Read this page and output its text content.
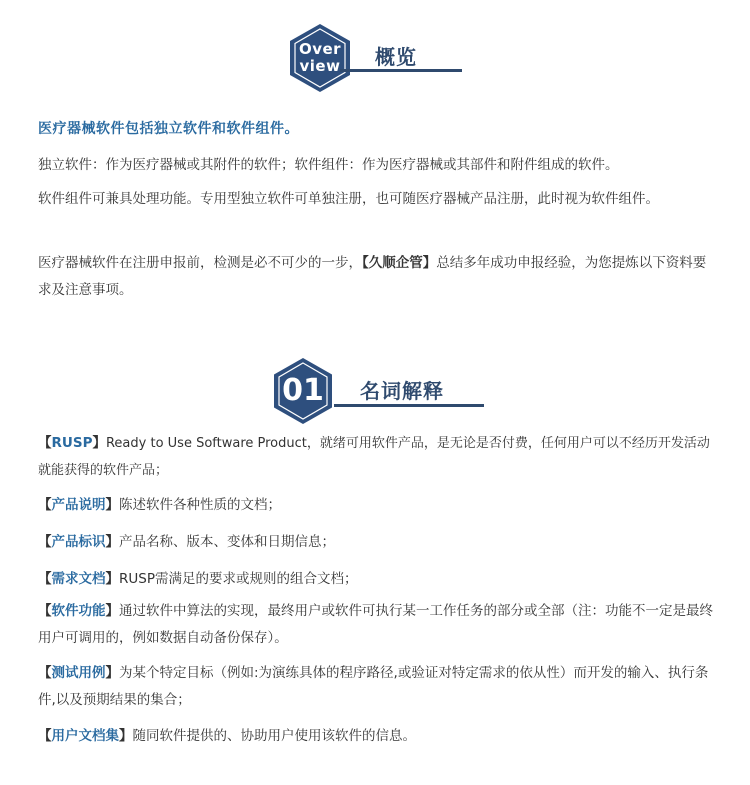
Over
view 概览
医疗器械软件包括独立软件和软件组件。
独立软件：作为医疗器械或其附件的软件；软件组件：作为医疗器械或其部件和附件组成的软件。
软件组件可兼具处理功能。专用型独立软件可单独注册，也可随医疗器械产品注册，此时视为软件组件。
医疗器械软件在注册申报前，检测是必不可少的一步，【久顺企管】总结多年成功申报经验，为您提炼以下资料要求及注意事项。
01 名词解释
【RUSP】Ready to Use Software Product，就绪可用软件产品，是无论是否付费，任何用户可以不经历开发活动就能获得的软件产品；
【产品说明】陈述软件各种性质的文档；
【产品标识】产品名称、版本、变体和日期信息；
【需求文档】RUSP需满足的要求或规则的组合文档；
【软件功能】通过软件中算法的实现，最终用户或软件可执行某一工作任务的部分或全部（注：功能不一定是最终用户可调用的，例如数据自动备份保存）。
【测试用例】为某个特定目标（例如:为演练具体的程序路径,或验证对特定需求的依从性）而开发的输入、执行条件,以及预期结果的集合；
【用户文档集】随同软件提供的、协助用户使用该软件的信息。
